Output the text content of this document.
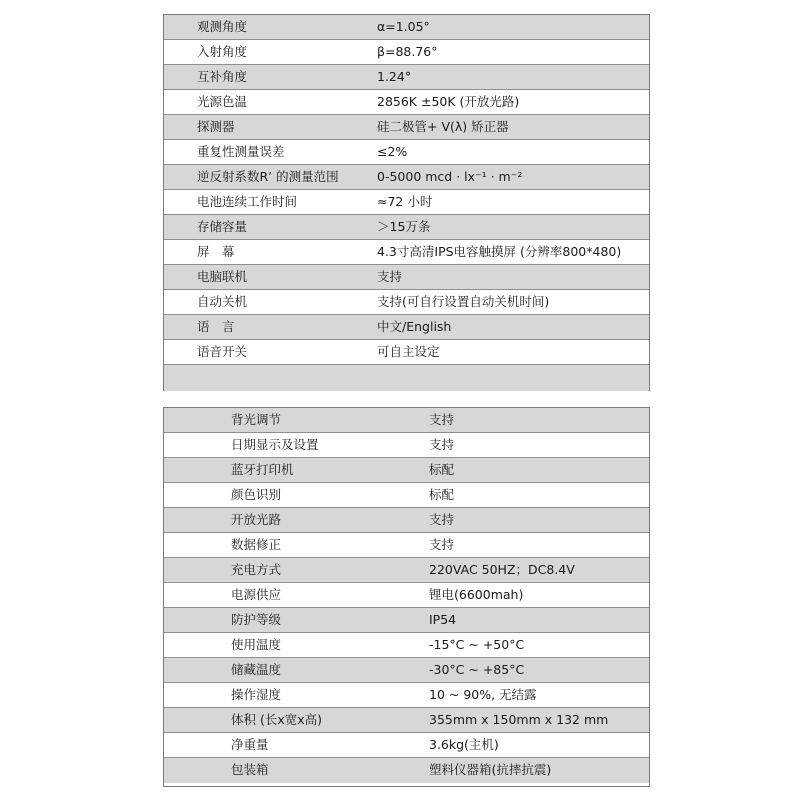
观测角度	α=1.05°
入射角度	β=88.76°
互补角度	1.24°
光源色温	2856K ±50K (开放光路)
探测器	硅二极管+ V(λ) 矫正器
重复性测量误差	≤2%
逆反射系数R’ 的测量范围	0-5000 mcd · lx⁻¹ · m⁻²
电池连续工作时间	≈72 小时
存储容量	＞15万条
屏　幕	4.3寸高清IPS电容触摸屏 (分辨率800*480)
电脑联机	支持
自动关机	支持(可自行设置自动关机时间)
语　言	中文/English
语音开关	可自主设定
背光调节	支持
日期显示及设置	支持
蓝牙打印机	标配
颜色识别	标配
开放光路	支持
数据修正	支持
充电方式	220VAC 50HZ；DC8.4V
电源供应	锂电(6600mah)
防护等级	IP54
使用温度	-15°C ~ +50°C
储藏温度	-30°C ~ +85°C
操作湿度	10 ~ 90%, 无结露
体积 (长x宽x高)	355mm x 150mm x 132 mm
净重量	3.6kg(主机)
包装箱	塑料仪器箱(抗摔抗震)
